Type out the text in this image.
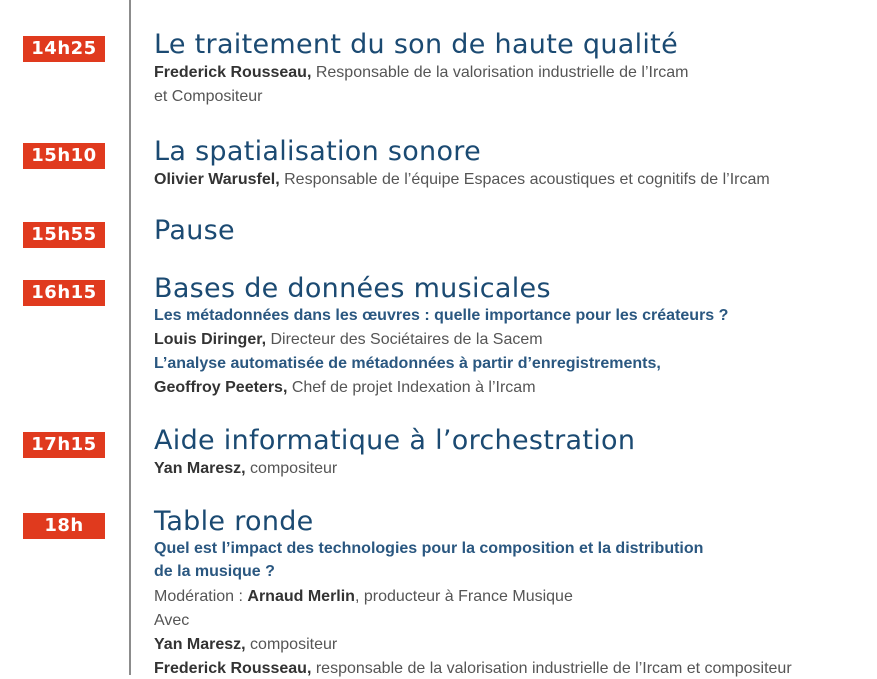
14h25	Le traitement du son de haute qualité
Frederick Rousseau, Responsable de la valorisation industrielle de l’Ircam
et Compositeur
15h10	La spatialisation sonore
Olivier Warusfel, Responsable de l’équipe Espaces acoustiques et cognitifs de l’Ircam
15h55	Pause
16h15	Bases de données musicales
Les métadonnées dans les œuvres : quelle importance pour les créateurs ?
Louis Diringer, Directeur des Sociétaires de la Sacem
L’analyse automatisée de métadonnées à partir d’enregistrements,
Geoffroy Peeters, Chef de projet Indexation à l’Ircam
17h15	Aide informatique à l’orchestration
Yan Maresz, compositeur
18h	Table ronde
Quel est l’impact des technologies pour la composition et la distribution
de la musique ?
Modération : Arnaud Merlin, producteur à France Musique
Avec
Yan Maresz, compositeur
Frederick Rousseau, responsable de la valorisation industrielle de l’Ircam et compositeur
